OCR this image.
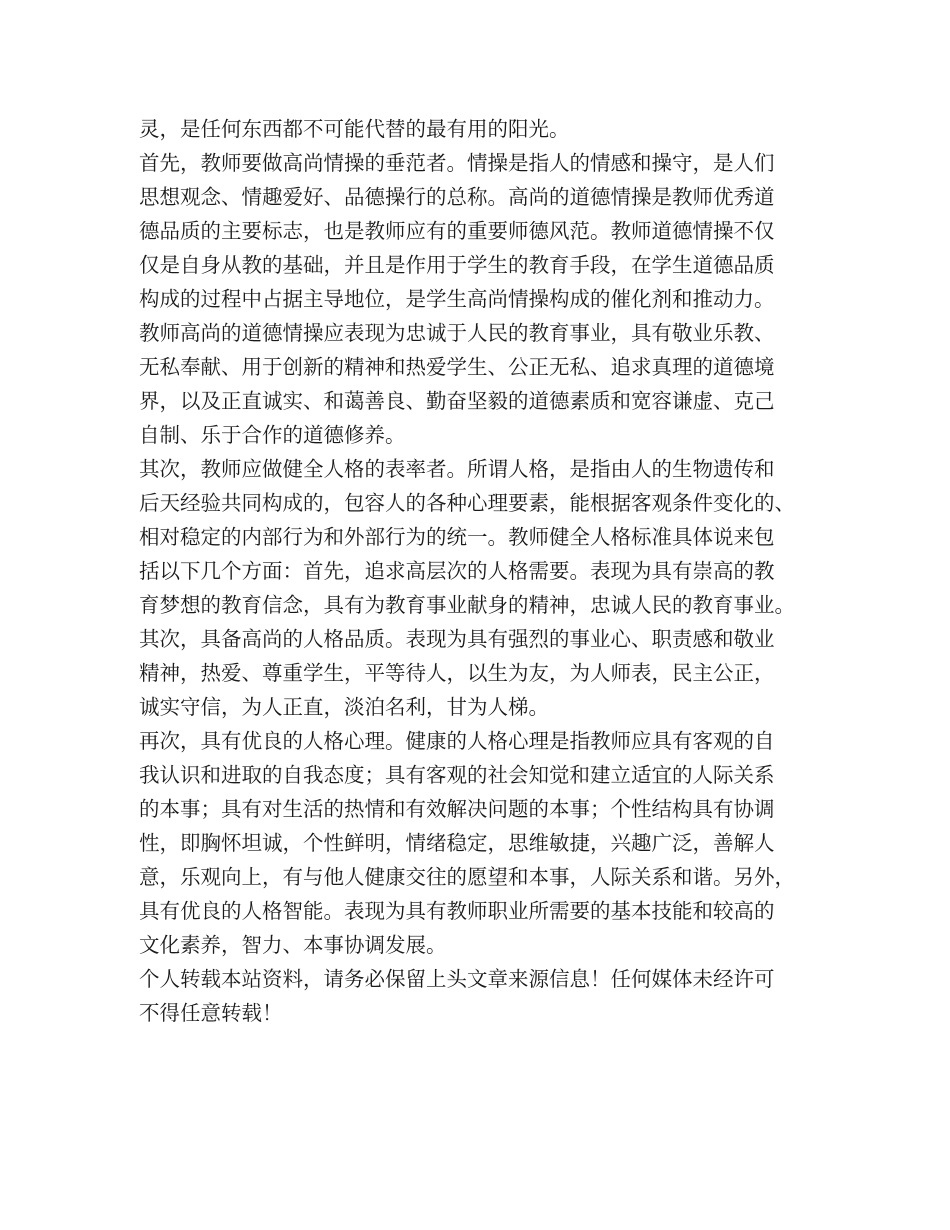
灵，是任何东西都不可能代替的最有用的阳光。
首先，教师要做高尚情操的垂范者。情操是指人的情感和操守，是人们
思想观念、情趣爱好、品德操行的总称。高尚的道德情操是教师优秀道
德品质的主要标志，也是教师应有的重要师德风范。教师道德情操不仅
仅是自身从教的基础，并且是作用于学生的教育手段，在学生道德品质
构成的过程中占据主导地位，是学生高尚情操构成的催化剂和推动力。
教师高尚的道德情操应表现为忠诚于人民的教育事业，具有敬业乐教、
无私奉献、用于创新的精神和热爱学生、公正无私、追求真理的道德境
界，以及正直诚实、和蔼善良、勤奋坚毅的道德素质和宽容谦虚、克己
自制、乐于合作的道德修养。
其次，教师应做健全人格的表率者。所谓人格，是指由人的生物遗传和
后天经验共同构成的，包容人的各种心理要素，能根据客观条件变化的、
相对稳定的内部行为和外部行为的统一。教师健全人格标准具体说来包
括以下几个方面：首先，追求高层次的人格需要。表现为具有崇高的教
育梦想的教育信念，具有为教育事业献身的精神，忠诚人民的教育事业。
其次，具备高尚的人格品质。表现为具有强烈的事业心、职责感和敬业
精神，热爱、尊重学生，平等待人，以生为友，为人师表，民主公正，
诚实守信，为人正直，淡泊名利，甘为人梯。
再次，具有优良的人格心理。健康的人格心理是指教师应具有客观的自
我认识和进取的自我态度；具有客观的社会知觉和建立适宜的人际关系
的本事；具有对生活的热情和有效解决问题的本事；个性结构具有协调
性，即胸怀坦诚，个性鲜明，情绪稳定，思维敏捷，兴趣广泛，善解人
意，乐观向上，有与他人健康交往的愿望和本事，人际关系和谐。另外，
具有优良的人格智能。表现为具有教师职业所需要的基本技能和较高的
文化素养，智力、本事协调发展。
个人转载本站资料，请务必保留上头文章来源信息！任何媒体未经许可
不得任意转载！
